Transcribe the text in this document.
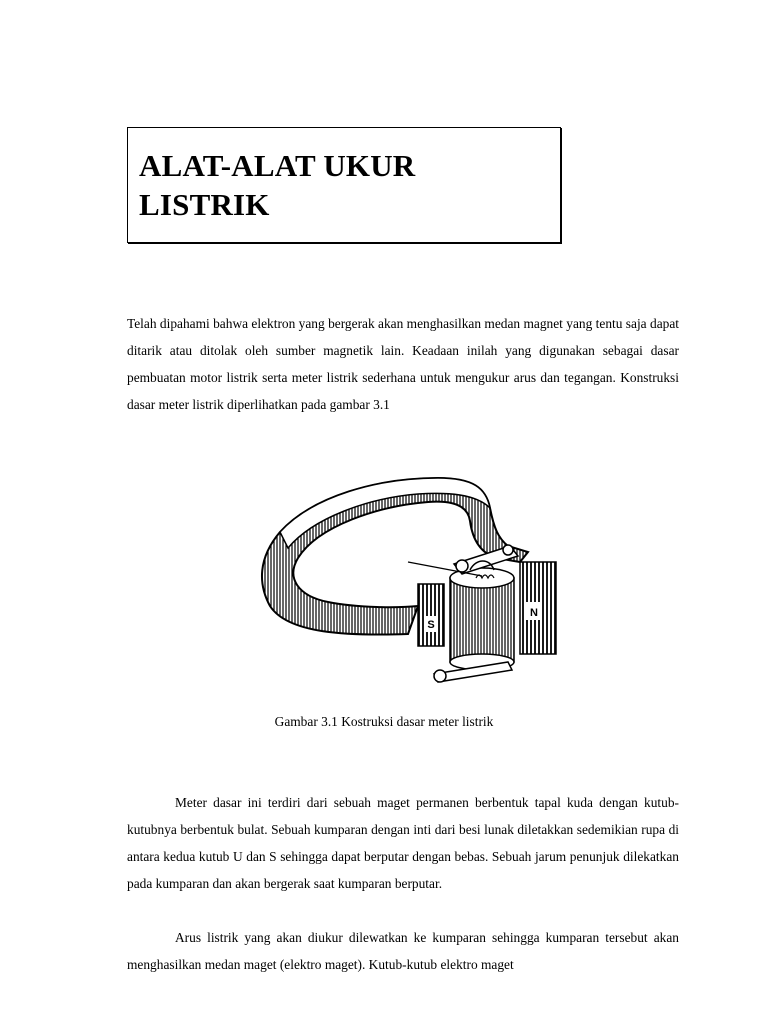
ALAT-ALAT UKUR
LISTRIK

Telah dipahami bahwa elektron yang bergerak akan menghasilkan medan magnet yang tentu saja dapat ditarik atau ditolak oleh sumber magnetik lain. Keadaan inilah yang digunakan sebagai dasar pembuatan motor listrik serta meter listrik sederhana untuk mengukur arus dan tegangan. Konstruksi dasar meter listrik diperlihatkan pada gambar 3.1

S
N
Gambar 3.1 Kostruksi dasar meter listrik

Meter dasar ini terdiri dari sebuah maget permanen berbentuk tapal kuda dengan kutub-kutubnya berbentuk bulat. Sebuah kumparan dengan inti dari besi lunak diletakkan sedemikian rupa di antara kedua kutub U dan S sehingga dapat berputar dengan bebas. Sebuah jarum penunjuk dilekatkan pada kumparan dan akan bergerak saat kumparan berputar.

Arus listrik yang akan diukur dilewatkan ke kumparan sehingga kumparan tersebut akan menghasilkan medan maget (elektro maget). Kutub-kutub elektro maget
